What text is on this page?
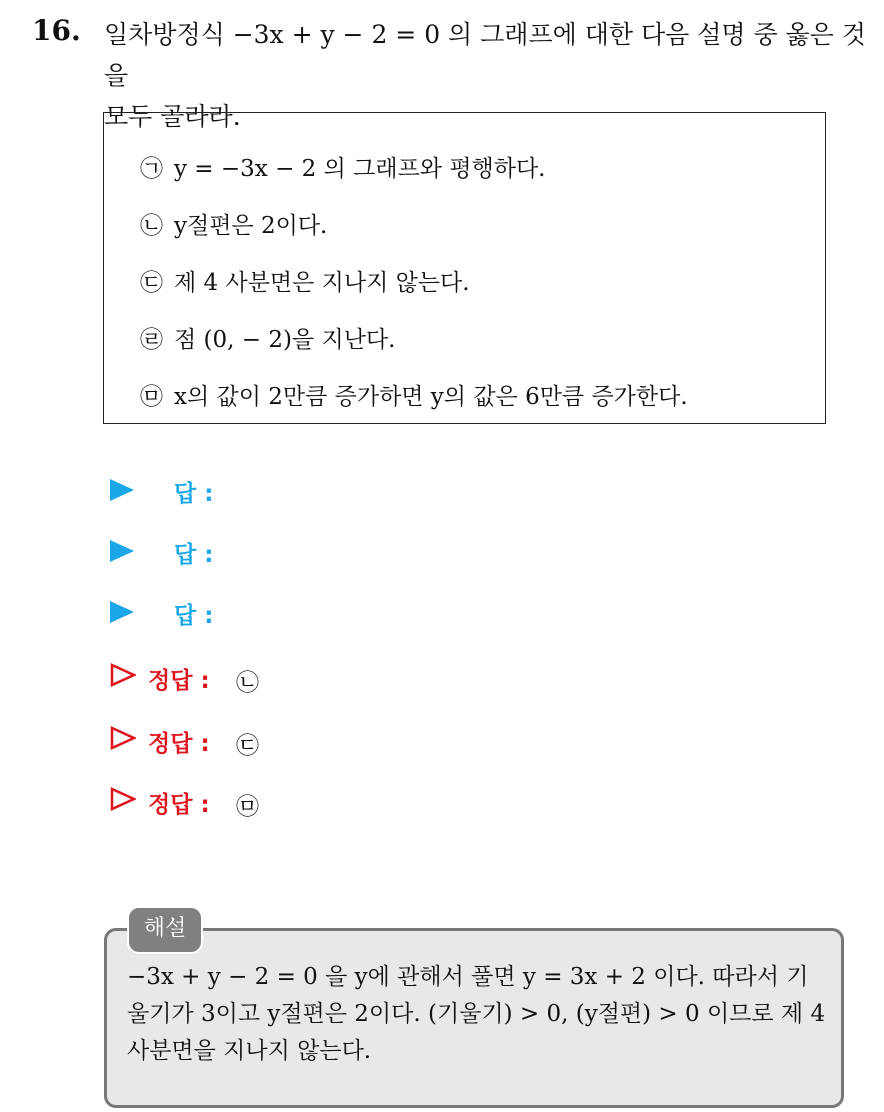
16. 일차방정식 −3x + y − 2 = 0 의 그래프에 대한 다음 설명 중 옳은 것을
모두 골라라.
㉠ y = −3x − 2 의 그래프와 평행하다.
㉡ y절편은 2이다.
㉢ 제 4 사분면은 지나지 않는다.
㉣ 점 (0, − 2)을 지난다.
㉤ x의 값이 2만큼 증가하면 y의 값은 6만큼 증가한다.
답 :
답 :
답 :
정답 : ㉡
정답 : ㉢
정답 : ㉤
−3x + y − 2 = 0 을 y에 관해서 풀면 y = 3x + 2 이다. 따라서 기울기가 3이고 y절편은 2이다. (기울기) > 0, (y절편) > 0 이므로 제 4 사분면을 지나지 않는다.
해설
